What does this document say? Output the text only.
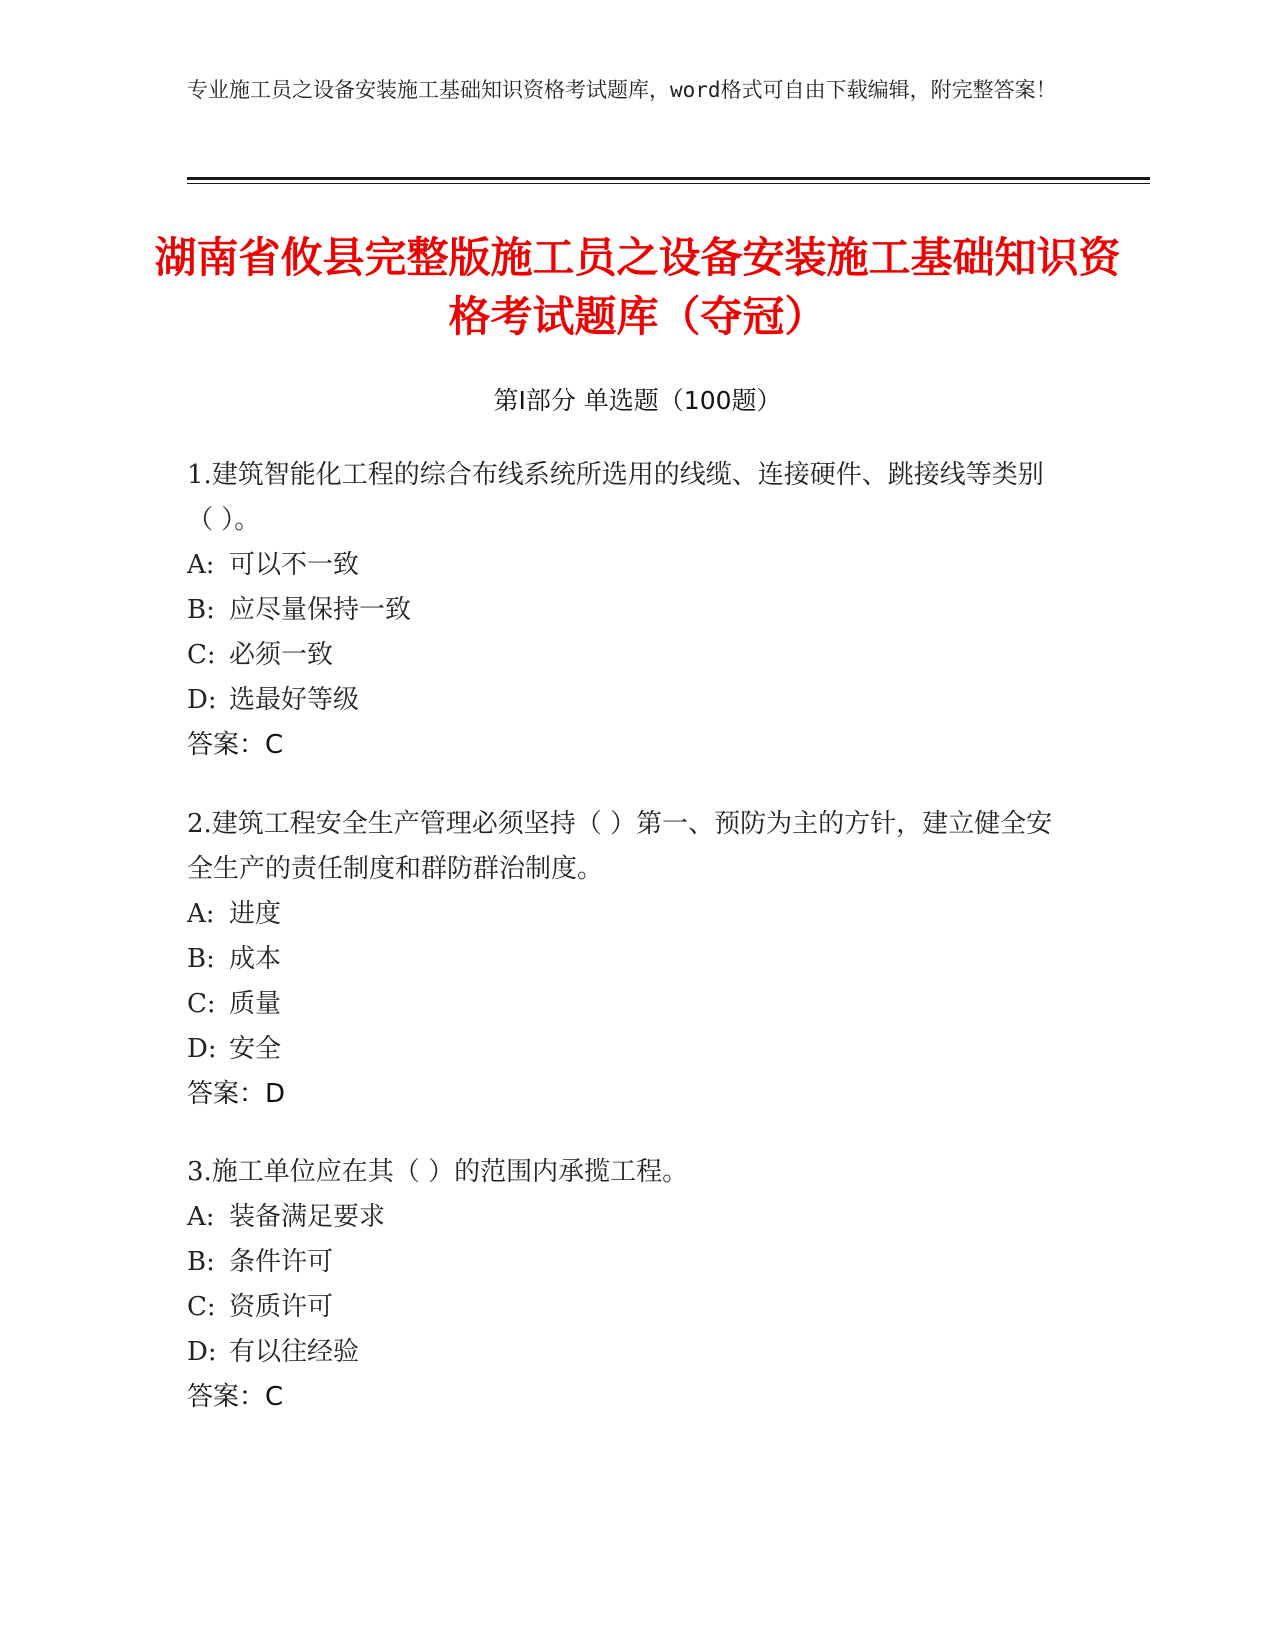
专业施工员之设备安装施工基础知识资格考试题库，word格式可自由下载编辑，附完整答案！
湖南省攸县完整版施工员之设备安装施工基础知识资格考试题库（夺冠）
第Ⅰ部分 单选题（100题）
1.建筑智能化工程的综合布线系统所选用的线缆、连接硬件、跳接线等类别（ ）。
A: 可以不一致
B: 应尽量保持一致
C: 必须一致
D: 选最好等级
答案：C
2.建筑工程安全生产管理必须坚持（ ）第一、预防为主的方针，建立健全安全生产的责任制度和群防群治制度。
A: 进度
B: 成本
C: 质量
D: 安全
答案：D
3.施工单位应在其（ ）的范围内承揽工程。
A: 装备满足要求
B: 条件许可
C: 资质许可
D: 有以往经验
答案：C
